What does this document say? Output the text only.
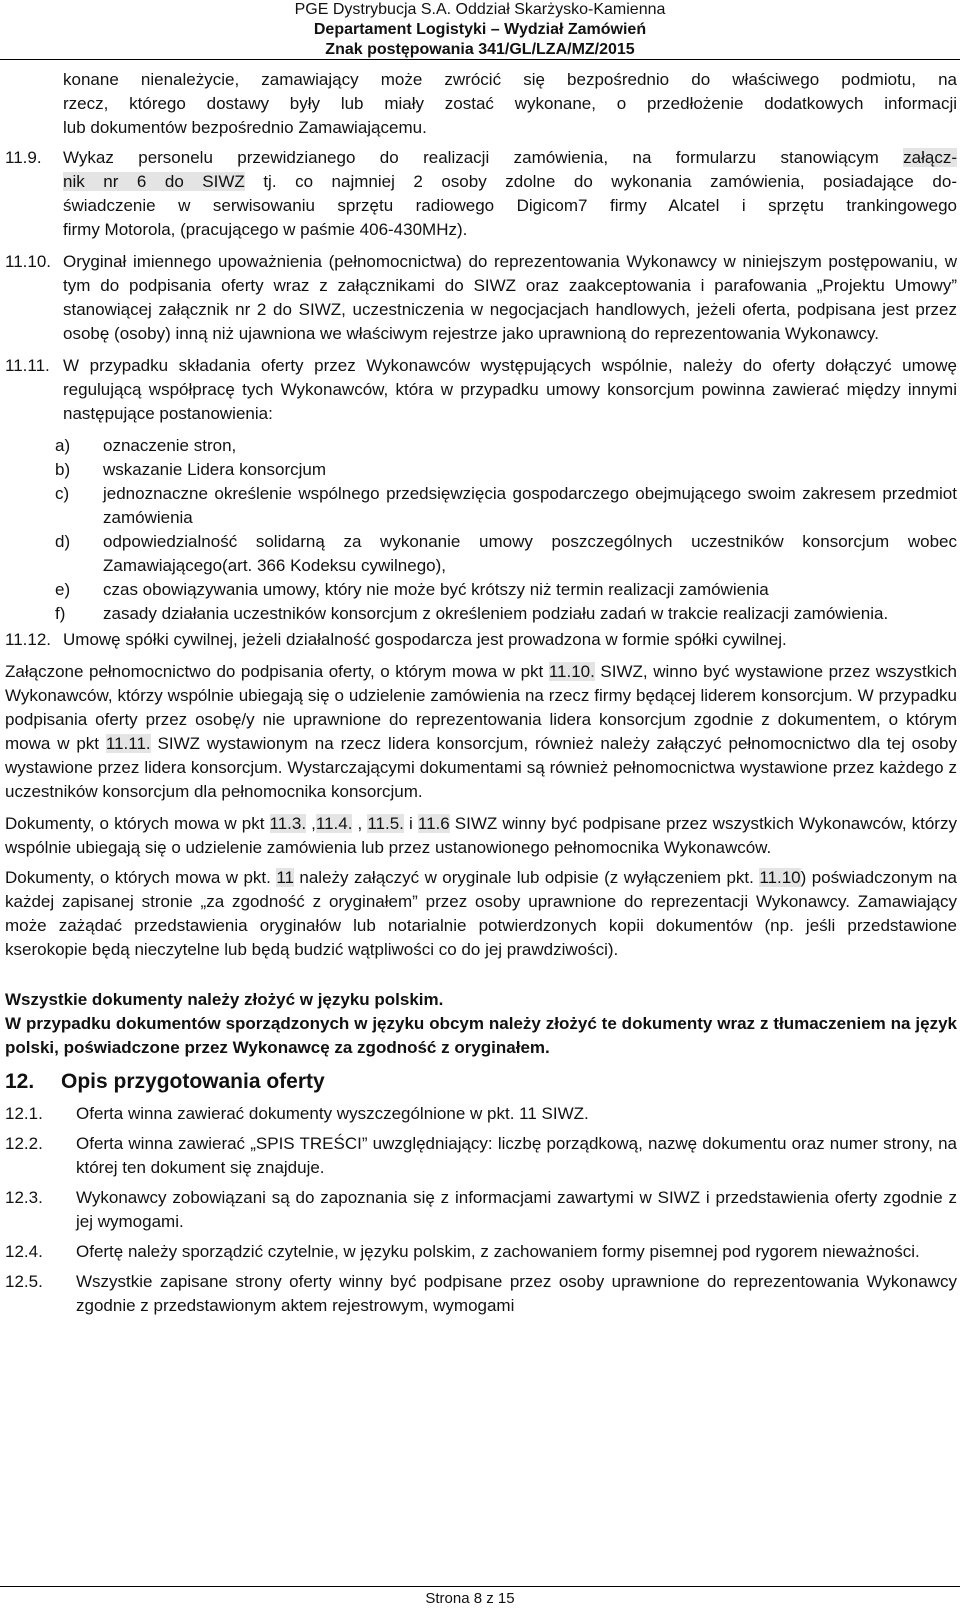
PGE Dystrybucja S.A. Oddział Skarżysko-Kamienna
Departament Logistyki – Wydział Zamówień
Znak postępowania 341/GL/LZA/MZ/2015

konane nienależycie, zamawiający może zwrócić się bezpośrednio do właściwego podmiotu, na

rzecz, którego dostawy były lub miały zostać wykonane, o przedłożenie dodatkowych informacji

lub dokumentów bezpośrednio Zamawiającemu.

11.9. Wykaz personelu przewidzianego do realizacji zamówienia, na formularzu stanowiącym załącz-

nik nr 6 do SIWZ tj. co najmniej 2 osoby zdolne do wykonania zamówienia, posiadające do-

świadczenie w serwisowaniu sprzętu radiowego Digicom7 firmy Alcatel i sprzętu trankingowego

firmy Motorola, (pracującego w paśmie 406-430MHz).

11.10. Oryginał imiennego upoważnienia (pełnomocnictwa) do reprezentowania Wykonawcy w niniejszym postępowaniu, w tym do podpisania oferty wraz z załącznikami do SIWZ oraz zaakceptowania i parafowania „Projektu Umowy” stanowiącej załącznik nr 2 do SIWZ, uczestniczenia w negocjacjach handlowych, jeżeli oferta, podpisana jest przez osobę (osoby) inną niż ujawniona we właściwym rejestrze jako uprawnioną do reprezentowania Wykonawcy.
11.11. W przypadku składania oferty przez Wykonawców występujących wspólnie, należy do oferty dołączyć umowę regulującą współpracę tych Wykonawców, która w przypadku umowy konsorcjum powinna zawierać między innymi następujące postanowienia:
a)	oznaczenie stron,
b)	wskazanie Lidera konsorcjum
c)	jednoznaczne określenie wspólnego przedsięwzięcia gospodarczego obejmującego swoim zakresem przedmiot zamówienia
d)	odpowiedzialność solidarną za wykonanie umowy poszczególnych uczestników konsorcjum wobec Zamawiającego(art. 366 Kodeksu cywilnego),
e)	czas obowiązywania umowy, który nie może być krótszy niż termin realizacji zamówienia
f)	zasady działania uczestników konsorcjum z określeniem podziału zadań w trakcie realizacji zamówienia.
11.12. Umowę spółki cywilnej, jeżeli działalność gospodarcza jest prowadzona w formie spółki cywilnej.

Załączone pełnomocnictwo do podpisania oferty, o którym mowa w pkt 11.10. SIWZ, winno być wystawione przez wszystkich Wykonawców, którzy wspólnie ubiegają się o udzielenie zamówienia na rzecz firmy będącej liderem konsorcjum. W przypadku podpisania oferty przez osobę/y nie uprawnione do reprezentowania lidera konsorcjum zgodnie z dokumentem, o którym mowa w pkt 11.11. SIWZ wystawionym na rzecz lidera konsorcjum, również należy załączyć pełnomocnictwo dla tej osoby wystawione przez lidera konsorcjum. Wystarczającymi dokumentami są również pełnomocnictwa wystawione przez każdego z uczestników konsorcjum dla pełnomocnika konsorcjum.

Dokumenty, o których mowa w pkt 11.3. ,11.4. , 11.5. i 11.6 SIWZ winny być podpisane przez wszystkich Wykonawców, którzy wspólnie ubiegają się o udzielenie zamówienia lub przez ustanowionego pełnomocnika Wykonawców.

Dokumenty, o których mowa w pkt. 11 należy załączyć w oryginale lub odpisie (z wyłączeniem pkt. 11.10) poświadczonym na każdej zapisanej stronie „za zgodność z oryginałem” przez osoby uprawnione do reprezentacji Wykonawcy. Zamawiający może zażądać przedstawienia oryginałów lub notarialnie potwierdzonych kopii dokumentów (np. jeśli przedstawione kserokopie będą nieczytelne lub będą budzić wątpliwości co do jej prawdziwości).

Wszystkie dokumenty należy złożyć w języku polskim.

W przypadku dokumentów sporządzonych w języku obcym należy złożyć te dokumenty wraz z tłumaczeniem na język polski, poświadczone przez Wykonawcę za zgodność z oryginałem.

12.	Opis przygotowania oferty
12.1.	Oferta winna zawierać dokumenty wyszczególnione w pkt. 11 SIWZ.
12.2.	Oferta winna zawierać „SPIS TREŚCI” uwzględniający: liczbę porządkową, nazwę dokumentu oraz numer strony, na której ten dokument się znajduje.
12.3.	Wykonawcy zobowiązani są do zapoznania się z informacjami zawartymi w SIWZ i przedstawienia oferty zgodnie z jej wymogami.
12.4.	Ofertę należy sporządzić czytelnie, w języku polskim, z zachowaniem formy pisemnej pod rygorem nieważności.
12.5.	Wszystkie zapisane strony oferty winny być podpisane przez osoby uprawnione do reprezentowania Wykonawcy zgodnie z przedstawionym aktem rejestrowym, wymogami
Strona 8 z 15
